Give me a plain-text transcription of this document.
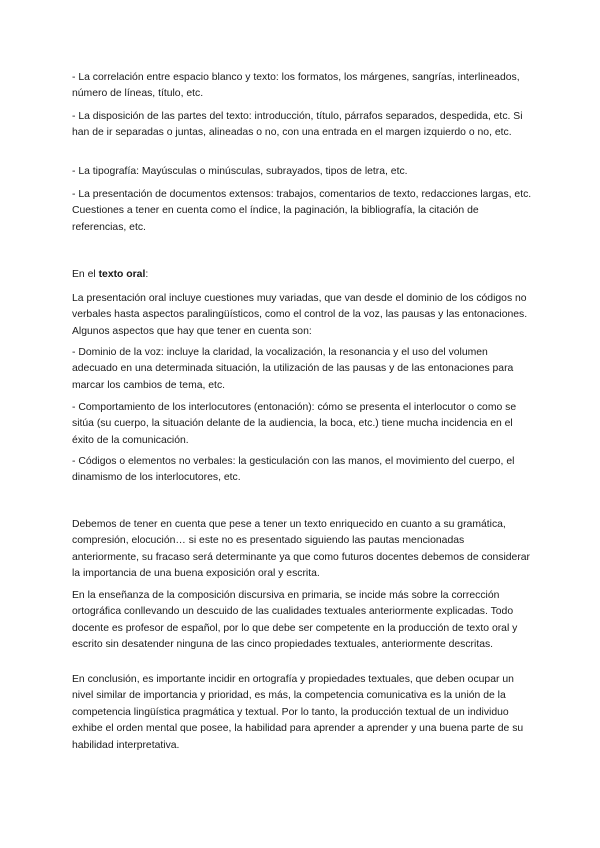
- La correlación entre espacio blanco y texto: los formatos, los márgenes, sangrías, interlineados, número de líneas, título, etc.

- La disposición de las partes del texto: introducción, título, párrafos separados, despedida, etc. Si han de ir separadas o juntas, alineadas o no, con una entrada en el margen izquierdo o no, etc.

- La tipografía: Mayúsculas o minúsculas, subrayados, tipos de letra, etc.

- La presentación de documentos extensos: trabajos, comentarios de texto, redacciones largas, etc. Cuestiones a tener en cuenta como el índice, la paginación, la bibliografía, la citación de referencias, etc.

En el texto oral:

La presentación oral incluye cuestiones muy variadas, que van desde el dominio de los códigos no verbales hasta aspectos paralingüísticos, como el control de la voz, las pausas y las entonaciones. Algunos aspectos que hay que tener en cuenta son:

- Dominio de la voz: incluye la claridad, la vocalización, la resonancia y el uso del volumen adecuado en una determinada situación, la utilización de las pausas y de las entonaciones para marcar los cambios de tema, etc.

- Comportamiento de los interlocutores (entonación): cómo se presenta el interlocutor o como se sitúa (su cuerpo, la situación delante de la audiencia, la boca, etc.) tiene mucha incidencia en el éxito de la comunicación.

- Códigos o elementos no verbales: la gesticulación con las manos, el movimiento del cuerpo, el dinamismo de los interlocutores, etc.

Debemos de tener en cuenta que pese a tener un texto enriquecido en cuanto a su gramática, compresión, elocución… si este no es presentado siguiendo las pautas mencionadas anteriormente, su fracaso será determinante ya que como futuros docentes debemos de considerar la importancia de una buena exposición oral y escrita.

En la enseñanza de la composición discursiva en primaria, se incide más sobre la corrección ortográfica conllevando un descuido de las cualidades textuales anteriormente explicadas. Todo docente es profesor de español, por lo que debe ser competente en la producción de texto oral y escrito sin desatender ninguna de las cinco propiedades textuales, anteriormente descritas.

En conclusión, es importante incidir en ortografía y propiedades textuales, que deben ocupar un nivel similar de importancia y prioridad, es más, la competencia comunicativa es la unión de la competencia lingüística pragmática y textual. Por lo tanto, la producción textual de un individuo exhibe el orden mental que posee, la habilidad para aprender a aprender y una buena parte de su habilidad interpretativa.
